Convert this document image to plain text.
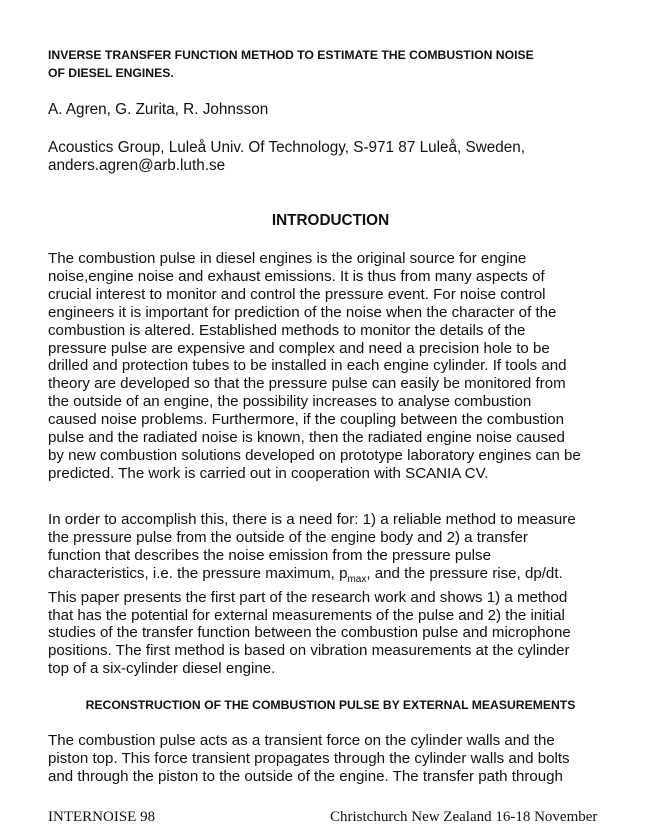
INVERSE TRANSFER FUNCTION METHOD TO ESTIMATE THE COMBUSTION NOISE
OF DIESEL ENGINES.
A. Agren, G. Zurita, R. Johnsson
Acoustics Group, Luleå Univ. Of Technology, S-971 87 Luleå, Sweden,
anders.agren@arb.luth.se
INTRODUCTION
The combustion pulse in diesel engines is the original source for engine
noise,engine noise and exhaust emissions. It is thus from many aspects of
crucial interest to monitor and control the pressure event. For noise control
engineers it is important for prediction of the noise when the character of the
combustion is altered. Established methods to monitor the details of the
pressure pulse are expensive and complex and need a precision hole to be
drilled and protection tubes to be installed in each engine cylinder. If tools and
theory are developed so that the pressure pulse can easily be monitored from
the outside of an engine, the possibility increases to analyse combustion
caused noise problems. Furthermore, if the coupling between the combustion
pulse and the radiated noise is known, then the radiated engine noise caused
by new combustion solutions developed on prototype laboratory engines can be
predicted. The work is carried out in cooperation with SCANIA CV.
In order to accomplish this, there is a need for: 1) a reliable method to measure
the pressure pulse from the outside of the engine body and 2) a transfer
function that describes the noise emission from the pressure pulse
characteristics, i.e. the pressure maximum, $p_{max}$, and the pressure rise, dp/dt.
This paper presents the first part of the research work and shows 1) a method
that has the potential for external measurements of the pulse and 2) the initial
studies of the transfer function between the combustion pulse and microphone
positions. The first method is based on vibration measurements at the cylinder
top of a six-cylinder diesel engine.
RECONSTRUCTION OF THE COMBUSTION PULSE BY EXTERNAL MEASUREMENTS
The combustion pulse acts as a transient force on the cylinder walls and the
piston top. This force transient propagates through the cylinder walls and bolts
and through the piston to the outside of the engine. The transfer path through
INTERNOISE 98	Christchurch New Zealand 16-18 November
